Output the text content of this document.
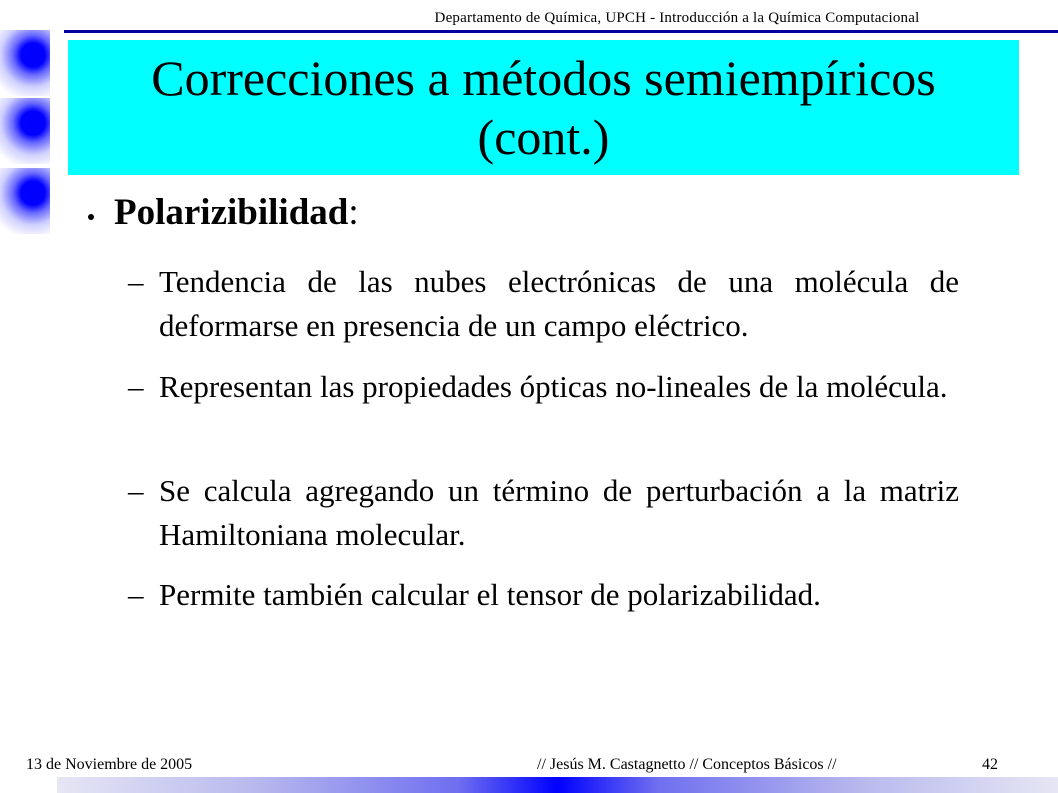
Departamento de Química, UPCH - Introducción a la Química Computacional
Correcciones a métodos semiempíricos
(cont.)
Polarizibilidad:
– Tendencia de las nubes electrónicas de una molécula de deformarse en presencia de un campo eléctrico.
– Representan las propiedades ópticas no-lineales de la molécula.
– Se calcula agregando un término de perturbación a la matriz Hamiltoniana molecular.
– Permite también calcular el tensor de polarizabilidad.
13 de Noviembre de 2005	// Jesús M. Castagnetto // Conceptos Básicos //	42
